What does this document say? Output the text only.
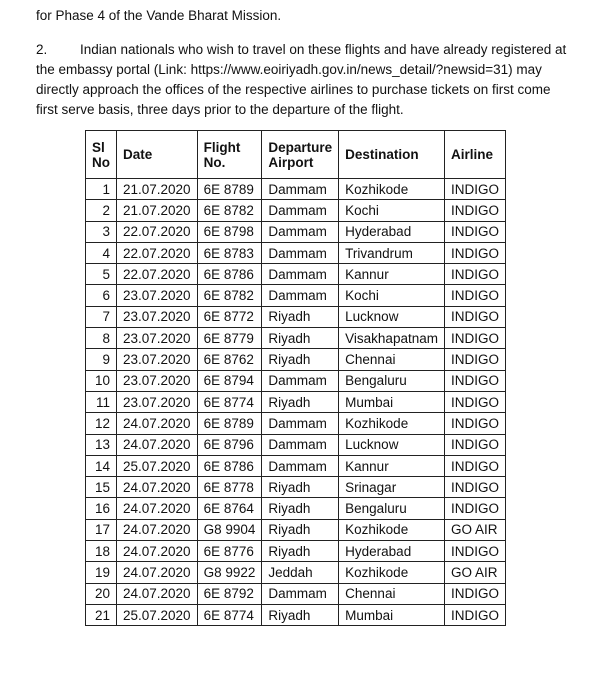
for Phase 4 of the Vande Bharat Mission.
2. Indian nationals who wish to travel on these flights and have already registered at
the embassy portal (Link: https://www.eoiriyadh.gov.in/news_detail/?newsid=31) may
directly approach the offices of the respective airlines to purchase tickets on first come
first serve basis, three days prior to the departure of the flight.
Sl
No	Date	Flight
No.	Departure
Airport	Destination	Airline
1	21.07.2020	6E 8789	Dammam	Kozhikode	INDIGO
2	21.07.2020	6E 8782	Dammam	Kochi	INDIGO
3	22.07.2020	6E 8798	Dammam	Hyderabad	INDIGO
4	22.07.2020	6E 8783	Dammam	Trivandrum	INDIGO
5	22.07.2020	6E 8786	Dammam	Kannur	INDIGO
6	23.07.2020	6E 8782	Dammam	Kochi	INDIGO
7	23.07.2020	6E 8772	Riyadh	Lucknow	INDIGO
8	23.07.2020	6E 8779	Riyadh	Visakhapatnam	INDIGO
9	23.07.2020	6E 8762	Riyadh	Chennai	INDIGO
10	23.07.2020	6E 8794	Dammam	Bengaluru	INDIGO
11	23.07.2020	6E 8774	Riyadh	Mumbai	INDIGO
12	24.07.2020	6E 8789	Dammam	Kozhikode	INDIGO
13	24.07.2020	6E 8796	Dammam	Lucknow	INDIGO
14	25.07.2020	6E 8786	Dammam	Kannur	INDIGO
15	24.07.2020	6E 8778	Riyadh	Srinagar	INDIGO
16	24.07.2020	6E 8764	Riyadh	Bengaluru	INDIGO
17	24.07.2020	G8 9904	Riyadh	Kozhikode	GO AIR
18	24.07.2020	6E 8776	Riyadh	Hyderabad	INDIGO
19	24.07.2020	G8 9922	Jeddah	Kozhikode	GO AIR
20	24.07.2020	6E 8792	Dammam	Chennai	INDIGO
21	25.07.2020	6E 8774	Riyadh	Mumbai	INDIGO
